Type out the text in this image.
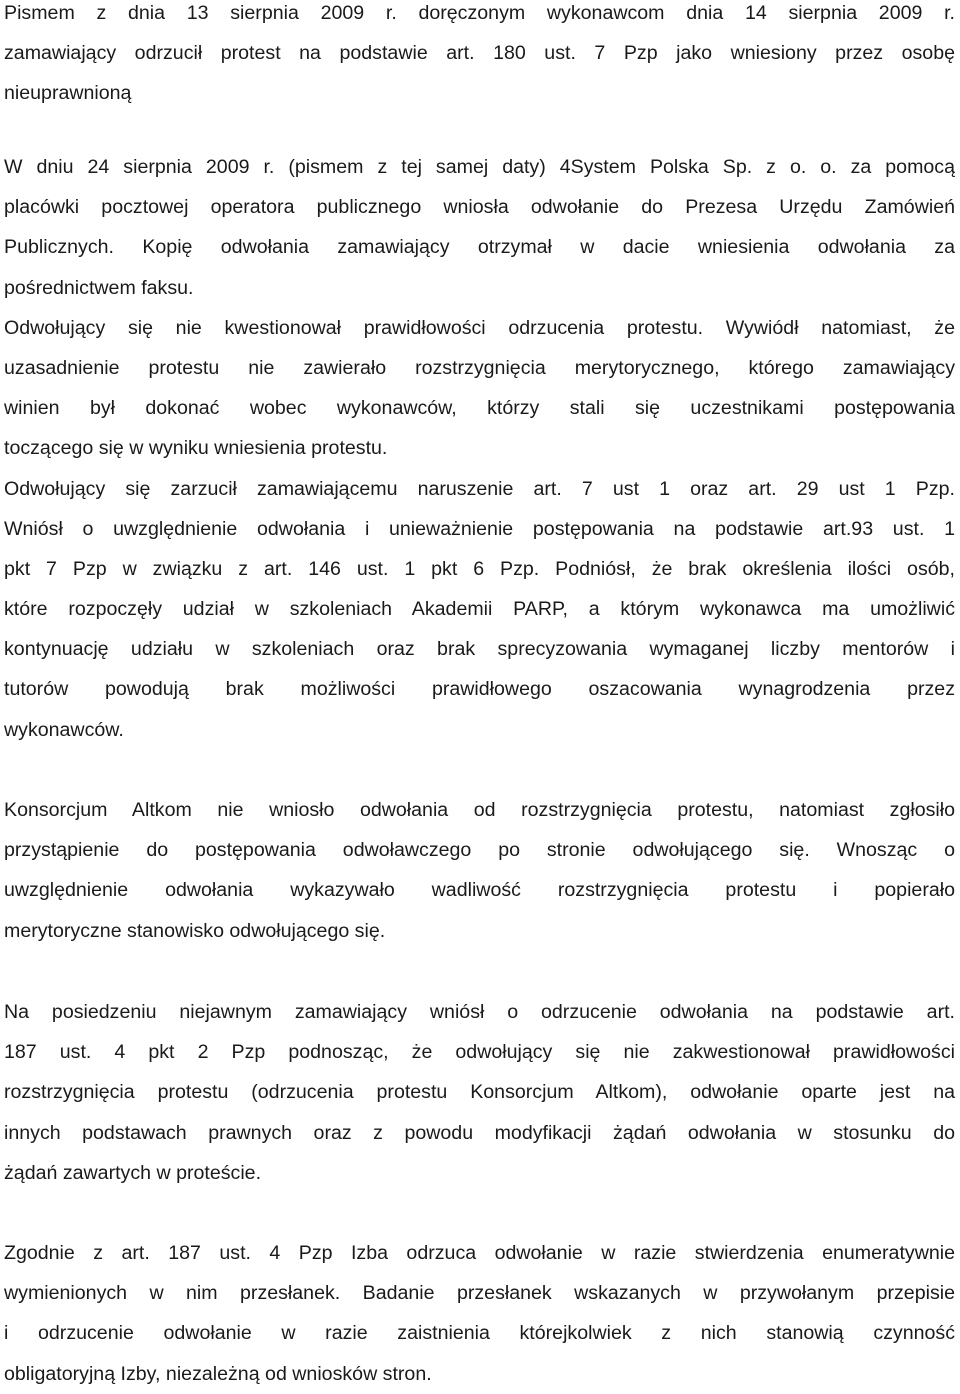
Pismem z dnia 13 sierpnia 2009 r. doręczonym wykonawcom dnia 14 sierpnia 2009 r.
zamawiający odrzucił protest na podstawie art. 180 ust. 7 Pzp jako wniesiony przez osobę
nieuprawnioną
W dniu 24 sierpnia 2009 r. (pismem z tej samej daty) 4System Polska Sp. z o. o. za pomocą
placówki pocztowej operatora publicznego wniosła odwołanie do Prezesa Urzędu Zamówień
Publicznych. Kopię odwołania zamawiający otrzymał w dacie wniesienia odwołania za
pośrednictwem faksu.
Odwołujący się nie kwestionował prawidłowości odrzucenia protestu. Wywiódł natomiast, że
uzasadnienie protestu nie zawierało rozstrzygnięcia merytorycznego, którego zamawiający
winien był dokonać wobec wykonawców, którzy stali się uczestnikami postępowania
toczącego się w wyniku wniesienia protestu.
Odwołujący się zarzucił zamawiającemu naruszenie art. 7 ust 1 oraz art. 29 ust 1 Pzp.
Wniósł o uwzględnienie odwołania i unieważnienie postępowania na podstawie art.93 ust. 1
pkt 7 Pzp w związku z art. 146 ust. 1 pkt 6 Pzp. Podniósł, że brak określenia ilości osób,
które rozpoczęły udział w szkoleniach Akademii PARP, a którym wykonawca ma umożliwić
kontynuację udziału w szkoleniach oraz brak sprecyzowania wymaganej liczby mentorów i
tutorów powodują brak możliwości prawidłowego oszacowania wynagrodzenia przez
wykonawców.
Konsorcjum Altkom nie wniosło odwołania od rozstrzygnięcia protestu, natomiast zgłosiło
przystąpienie do postępowania odwoławczego po stronie odwołującego się. Wnosząc o
uwzględnienie odwołania wykazywało wadliwość rozstrzygnięcia protestu i popierało
merytoryczne stanowisko odwołującego się.
Na posiedzeniu niejawnym zamawiający wniósł o odrzucenie odwołania na podstawie art.
187 ust. 4 pkt 2 Pzp podnosząc, że odwołujący się nie zakwestionował prawidłowości
rozstrzygnięcia protestu (odrzucenia protestu Konsorcjum Altkom), odwołanie oparte jest na
innych podstawach prawnych oraz z powodu modyfikacji żądań odwołania w stosunku do
żądań zawartych w proteście.
Zgodnie z art. 187 ust. 4 Pzp Izba odrzuca odwołanie w razie stwierdzenia enumeratywnie
wymienionych w nim przesłanek. Badanie przesłanek wskazanych w przywołanym przepisie
i odrzucenie odwołanie w razie zaistnienia którejkolwiek z nich stanowią czynność
obligatoryjną Izby, niezależną od wniosków stron.
